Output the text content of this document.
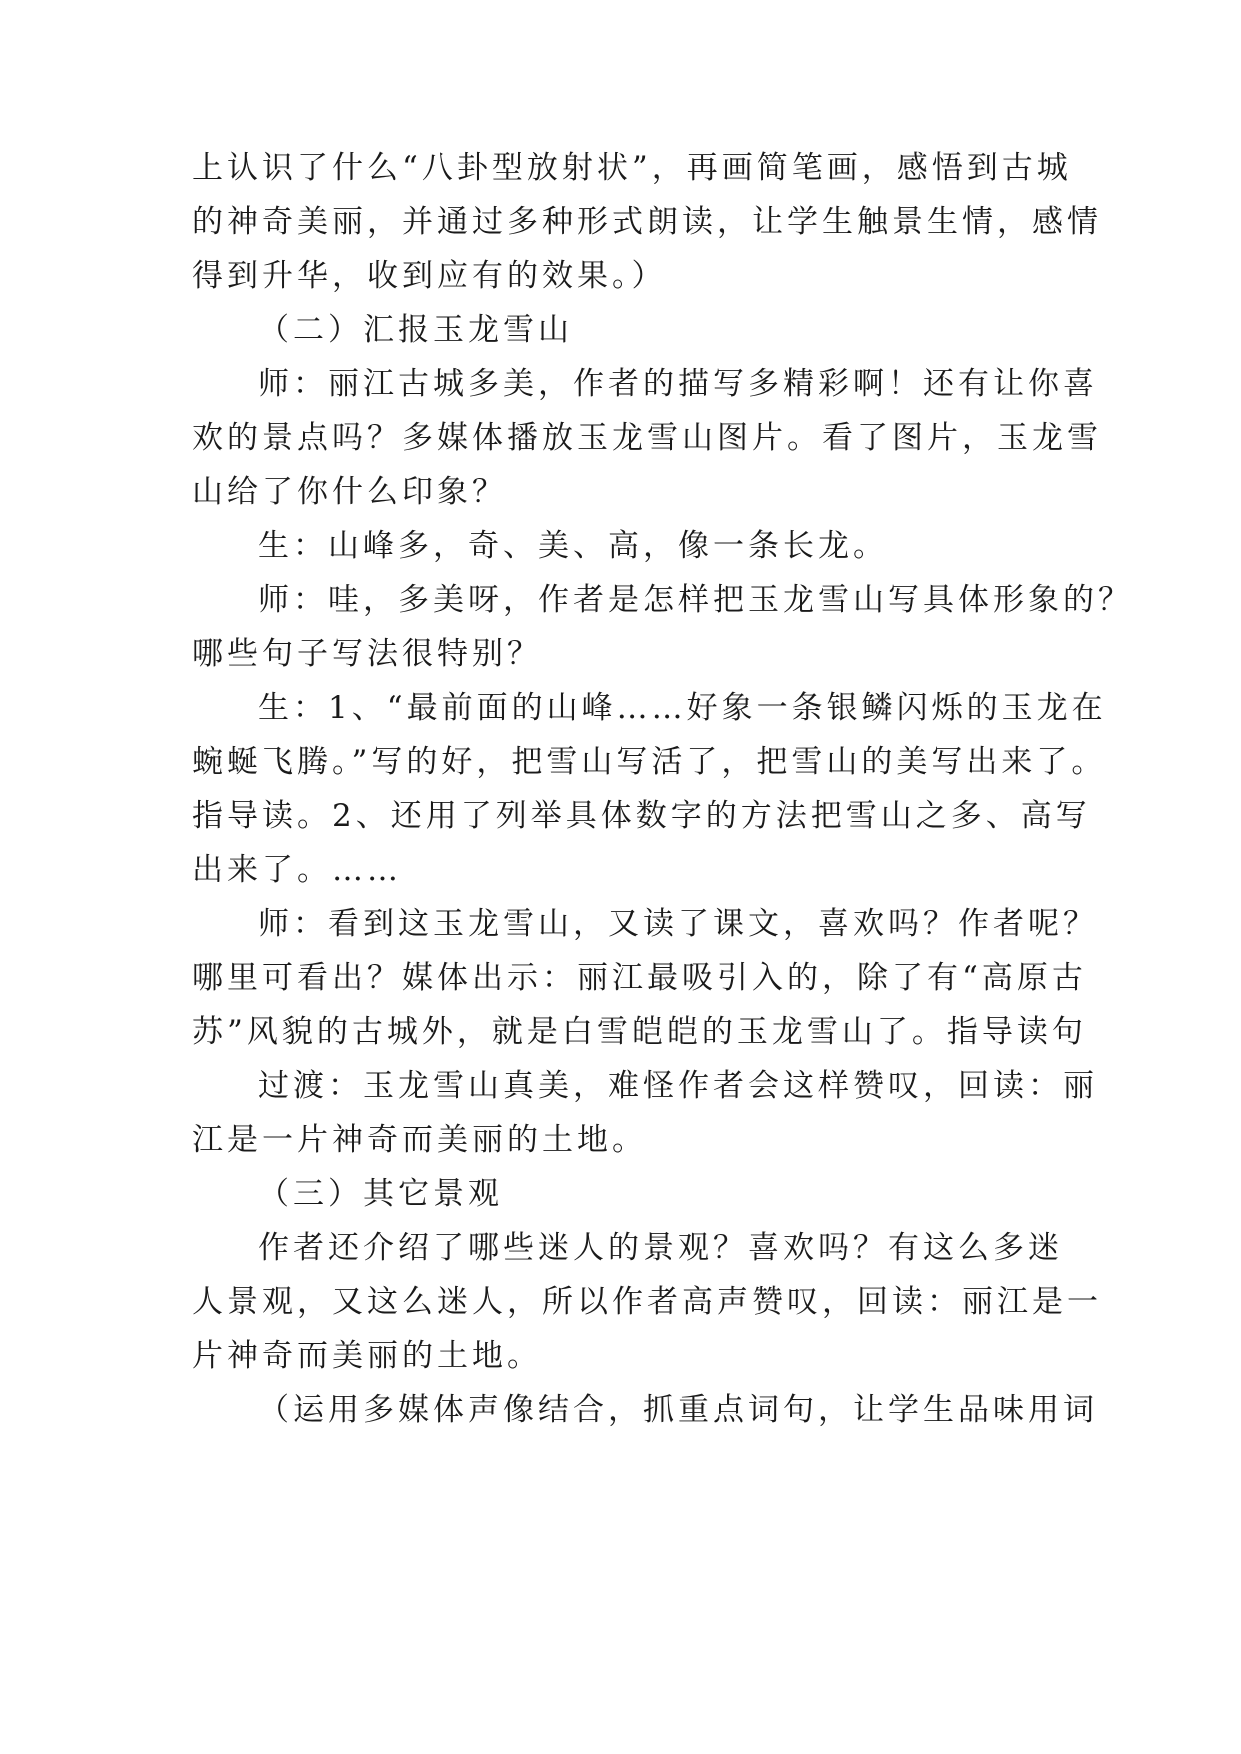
上认识了什么“八卦型放射状”，再画简笔画，感悟到古城
的神奇美丽，并通过多种形式朗读，让学生触景生情，感情
得到升华，收到应有的效果。）
（二）汇报玉龙雪山
师：丽江古城多美，作者的描写多精彩啊！还有让你喜
欢的景点吗？多媒体播放玉龙雪山图片。看了图片，玉龙雪
山给了你什么印象？
生：山峰多，奇、美、高，像一条长龙。
师：哇，多美呀，作者是怎样把玉龙雪山写具体形象的？
哪些句子写法很特别？
生：1、“最前面的山峰……好象一条银鳞闪烁的玉龙在
蜿蜒飞腾。”写的好，把雪山写活了，把雪山的美写出来了。
指导读。2、还用了列举具体数字的方法把雪山之多、高写
出来了。……
师：看到这玉龙雪山，又读了课文，喜欢吗？作者呢？
哪里可看出？媒体出示：丽江最吸引入的，除了有“高原古
苏”风貌的古城外，就是白雪皑皑的玉龙雪山了。指导读句
过渡：玉龙雪山真美，难怪作者会这样赞叹，回读：丽
江是一片神奇而美丽的土地。
（三）其它景观
作者还介绍了哪些迷人的景观？喜欢吗？有这么多迷
人景观，又这么迷人，所以作者高声赞叹，回读：丽江是一
片神奇而美丽的土地。
（运用多媒体声像结合，抓重点词句，让学生品味用词
